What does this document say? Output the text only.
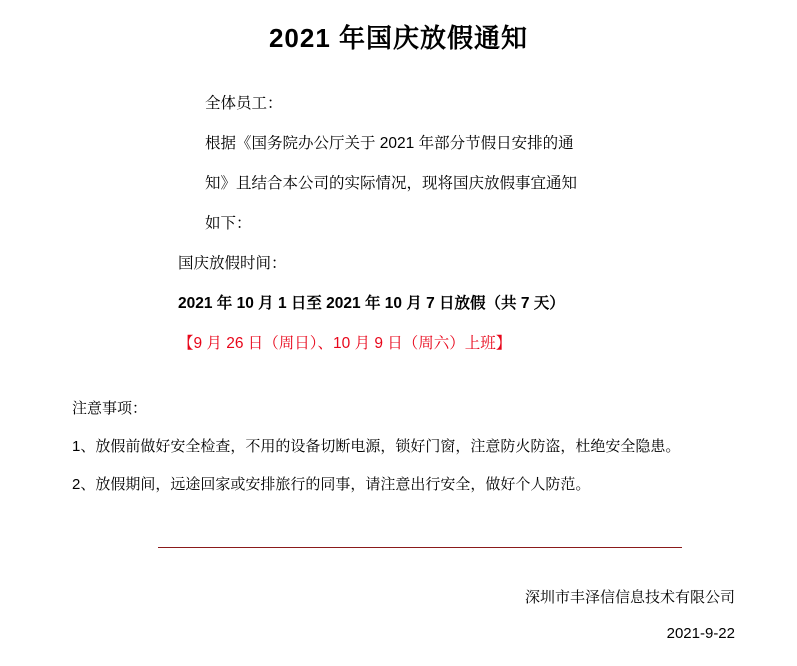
2021 年国庆放假通知
全体员工：
根据《国务院办公厅关于 2021 年部分节假日安排的通
知》且结合本公司的实际情况，现将国庆放假事宜通知
如下：
国庆放假时间：
2021 年 10 月 1 日至 2021 年 10 月 7 日放假（共 7 天）
【9 月 26 日（周日）、10 月 9 日（周六）上班】
注意事项：
1、放假前做好安全检查，不用的设备切断电源，锁好门窗，注意防火防盗，杜绝安全隐患。
2、放假期间，远途回家或安排旅行的同事，请注意出行安全，做好个人防范。
深圳市丰泽信信息技术有限公司
2021-9-22
